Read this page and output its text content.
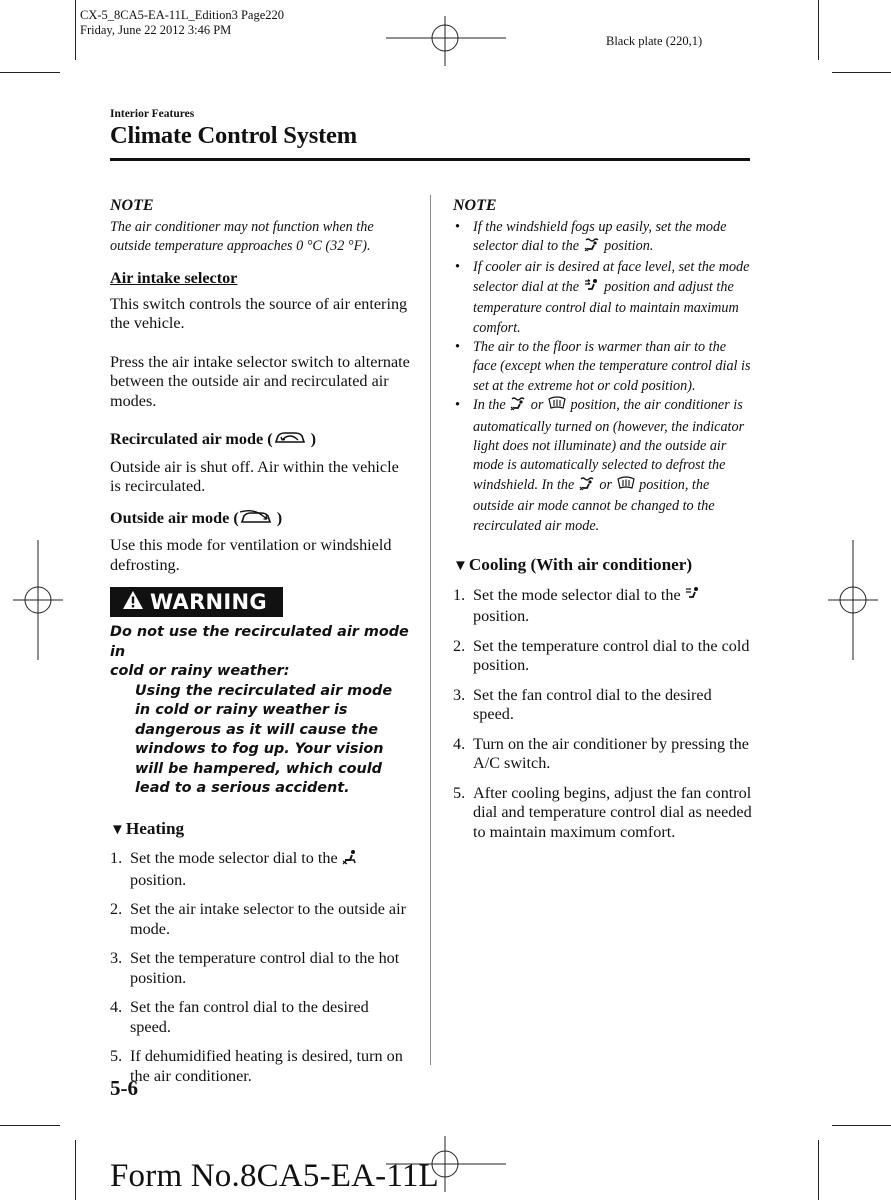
CX-5_8CA5-EA-11L_Edition3 Page220
Friday, June 22 2012 3:46 PM
Black plate (220,1)
Interior Features
Climate Control System
NOTE

The air conditioner may not function when the outside temperature approaches 0 °C (32 °F).

Air intake selector

This switch controls the source of air entering the vehicle.

Press the air intake selector switch to alternate between the outside air and recirculated air modes.

Recirculated air mode ( )

Outside air is shut off. Air within the vehicle is recirculated.

Outside air mode ( )

Use this mode for ventilation or windshield defrosting.

WARNING
Do not use the recirculated air mode in
cold or rainy weather:
Using the recirculated air mode in cold or rainy weather is dangerous as it will cause the windows to fog up. Your vision will be hampered, which could lead to a serious accident.
▼Heating
1. Set the mode selector dial to the  position.
2. Set the air intake selector to the outside air mode.
3. Set the temperature control dial to the hot position.
4. Set the fan control dial to the desired speed.
5. If dehumidified heating is desired, turn on the air conditioner.
NOTE
• If the windshield fogs up easily, set the mode selector dial to the  position.
• If cooler air is desired at face level, set the mode selector dial at the  position and adjust the temperature control dial to maintain maximum comfort.
• The air to the floor is warmer than air to the face (except when the temperature control dial is set at the extreme hot or cold position).
• In the  or  position, the air conditioner is automatically turned on (however, the indicator light does not illuminate) and the outside air mode is automatically selected to defrost the windshield. In the  or  position, the outside air mode cannot be changed to the recirculated air mode.
▼Cooling (With air conditioner)
1. Set the mode selector dial to the  position.
2. Set the temperature control dial to the cold position.
3. Set the fan control dial to the desired speed.
4. Turn on the air conditioner by pressing the A/C switch.
5. After cooling begins, adjust the fan control dial and temperature control dial as needed to maintain maximum comfort.
5-6
Form No.8CA5-EA-11L
